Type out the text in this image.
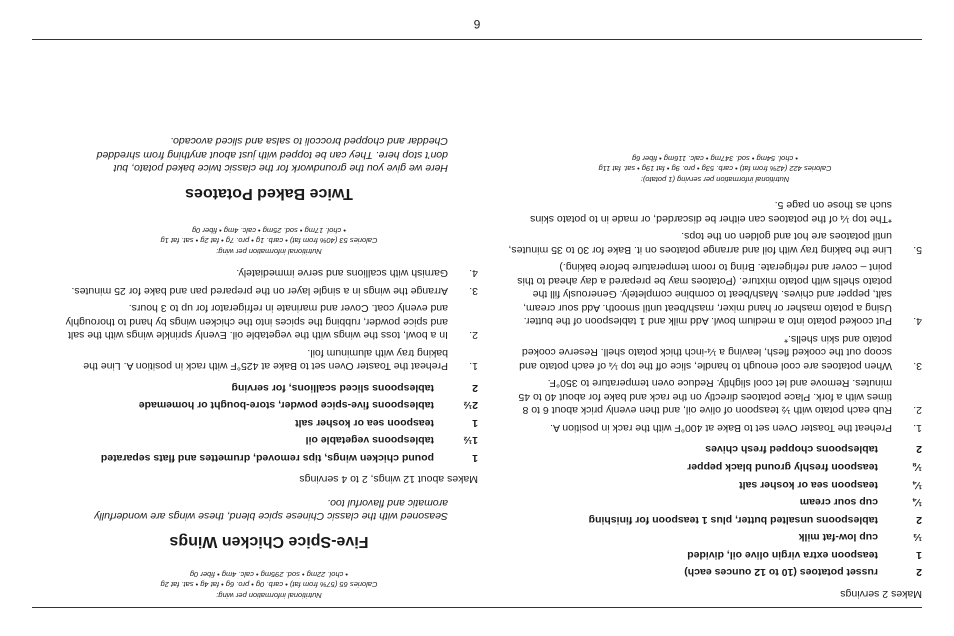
6
Makes 2 servings
2
russet potatoes (10 to 12 ounces each)
1
teaspoon extra virgin olive oil, divided
⅓
cup low-fat milk
2
tablespoons unsalted butter, plus 1 teaspoon for finishing
¼
cup sour cream
¼
teaspoon sea or kosher salt
⅛
teaspoon freshly ground black pepper
2
tablespoons chopped fresh chives
1.
Preheat the Toaster Oven set to Bake at 400°F with the rack in position A.
2.
Rub each potato with ½ teaspoon of olive oil, and then evenly prick about 6 to 8 times with a fork. Place potatoes directly on the rack and bake for about 40 to 45 minutes. Remove and let cool slightly. Reduce oven temperature to 350°F.
3.
When potatoes are cool enough to handle, slice off the top ¼ of each potato and scoop out the cooked flesh, leaving a ¼-inch thick potato shell. Reserve cooked potato and skin shells.*
4.
Put cooked potato into a medium bowl. Add milk and 1 tablespoon of the butter. Using a potato masher or hand mixer, mash/beat until smooth. Add sour cream, salt, pepper and chives. Mash/beat to combine completely. Generously fill the potato shells with potato mixture. (Potatoes may be prepared a day ahead to this point – cover and refrigerate. Bring to room temperature before baking.)
5.
Line the baking tray with foil and arrange potatoes on it. Bake for 30 to 35 minutes, until potatoes are hot and golden on the tops.
*The top ¼ of the potatoes can either be discarded, or made in to potato skins such as those on page 5.
Nutritional information per serving (1 potato):
Calories 422 (42% from fat) • carb. 53g • pro. 9g • fat 19g • sat. fat 11g
• chol. 54mg • sod. 347mg • calc. 116mg • fiber 6g
Nutritional information per wing:
Calories 65 (57% from fat) • carb. 0g • pro. 6g • fat 4g • sat. fat 2g
• chol. 22mg • sod. 295mg • calc. 4mg • fiber 0g
Five-Spice Chicken Wings
Seasoned with the classic Chinese spice blend, these wings are wonderfully aromatic and flavorful too.
Makes about 12 wings, 2 to 4 servings
1
pound chicken wings, tips removed, drumettes and flats separated
1½
tablespoons vegetable oil
1
teaspoon sea or kosher salt
2½
tablespoons five-spice powder, store-bought or homemade
2
tablespoons sliced scallions, for serving
1.
Preheat the Toaster Oven set to Bake at 425°F with rack in position A. Line the baking tray with aluminum foil.
2.
In a bowl, toss the wings with the vegetable oil. Evenly sprinkle wings with the salt and spice powder, rubbing the spices into the chicken wings by hand to thoroughly and evenly coat. Cover and marinate in refrigerator for up to 3 hours.
3.
Arrange the wings in a single layer on the prepared pan and bake for 25 minutes.
4.
Garnish with scallions and serve immediately.
Nutritional information per wing:
Calories 53 (40% from fat) • carb. 1g • pro. 7g • fat 2g • sat. fat 1g
• chol. 17mg • sod. 25mg • calc. 4mg • fiber 0g
Twice Baked Potatoes
Here we give you the groundwork for the classic twice baked potato, but don’t stop here. They can be topped with just about anything from shredded Cheddar and chopped broccoli to salsa and sliced avocado.
